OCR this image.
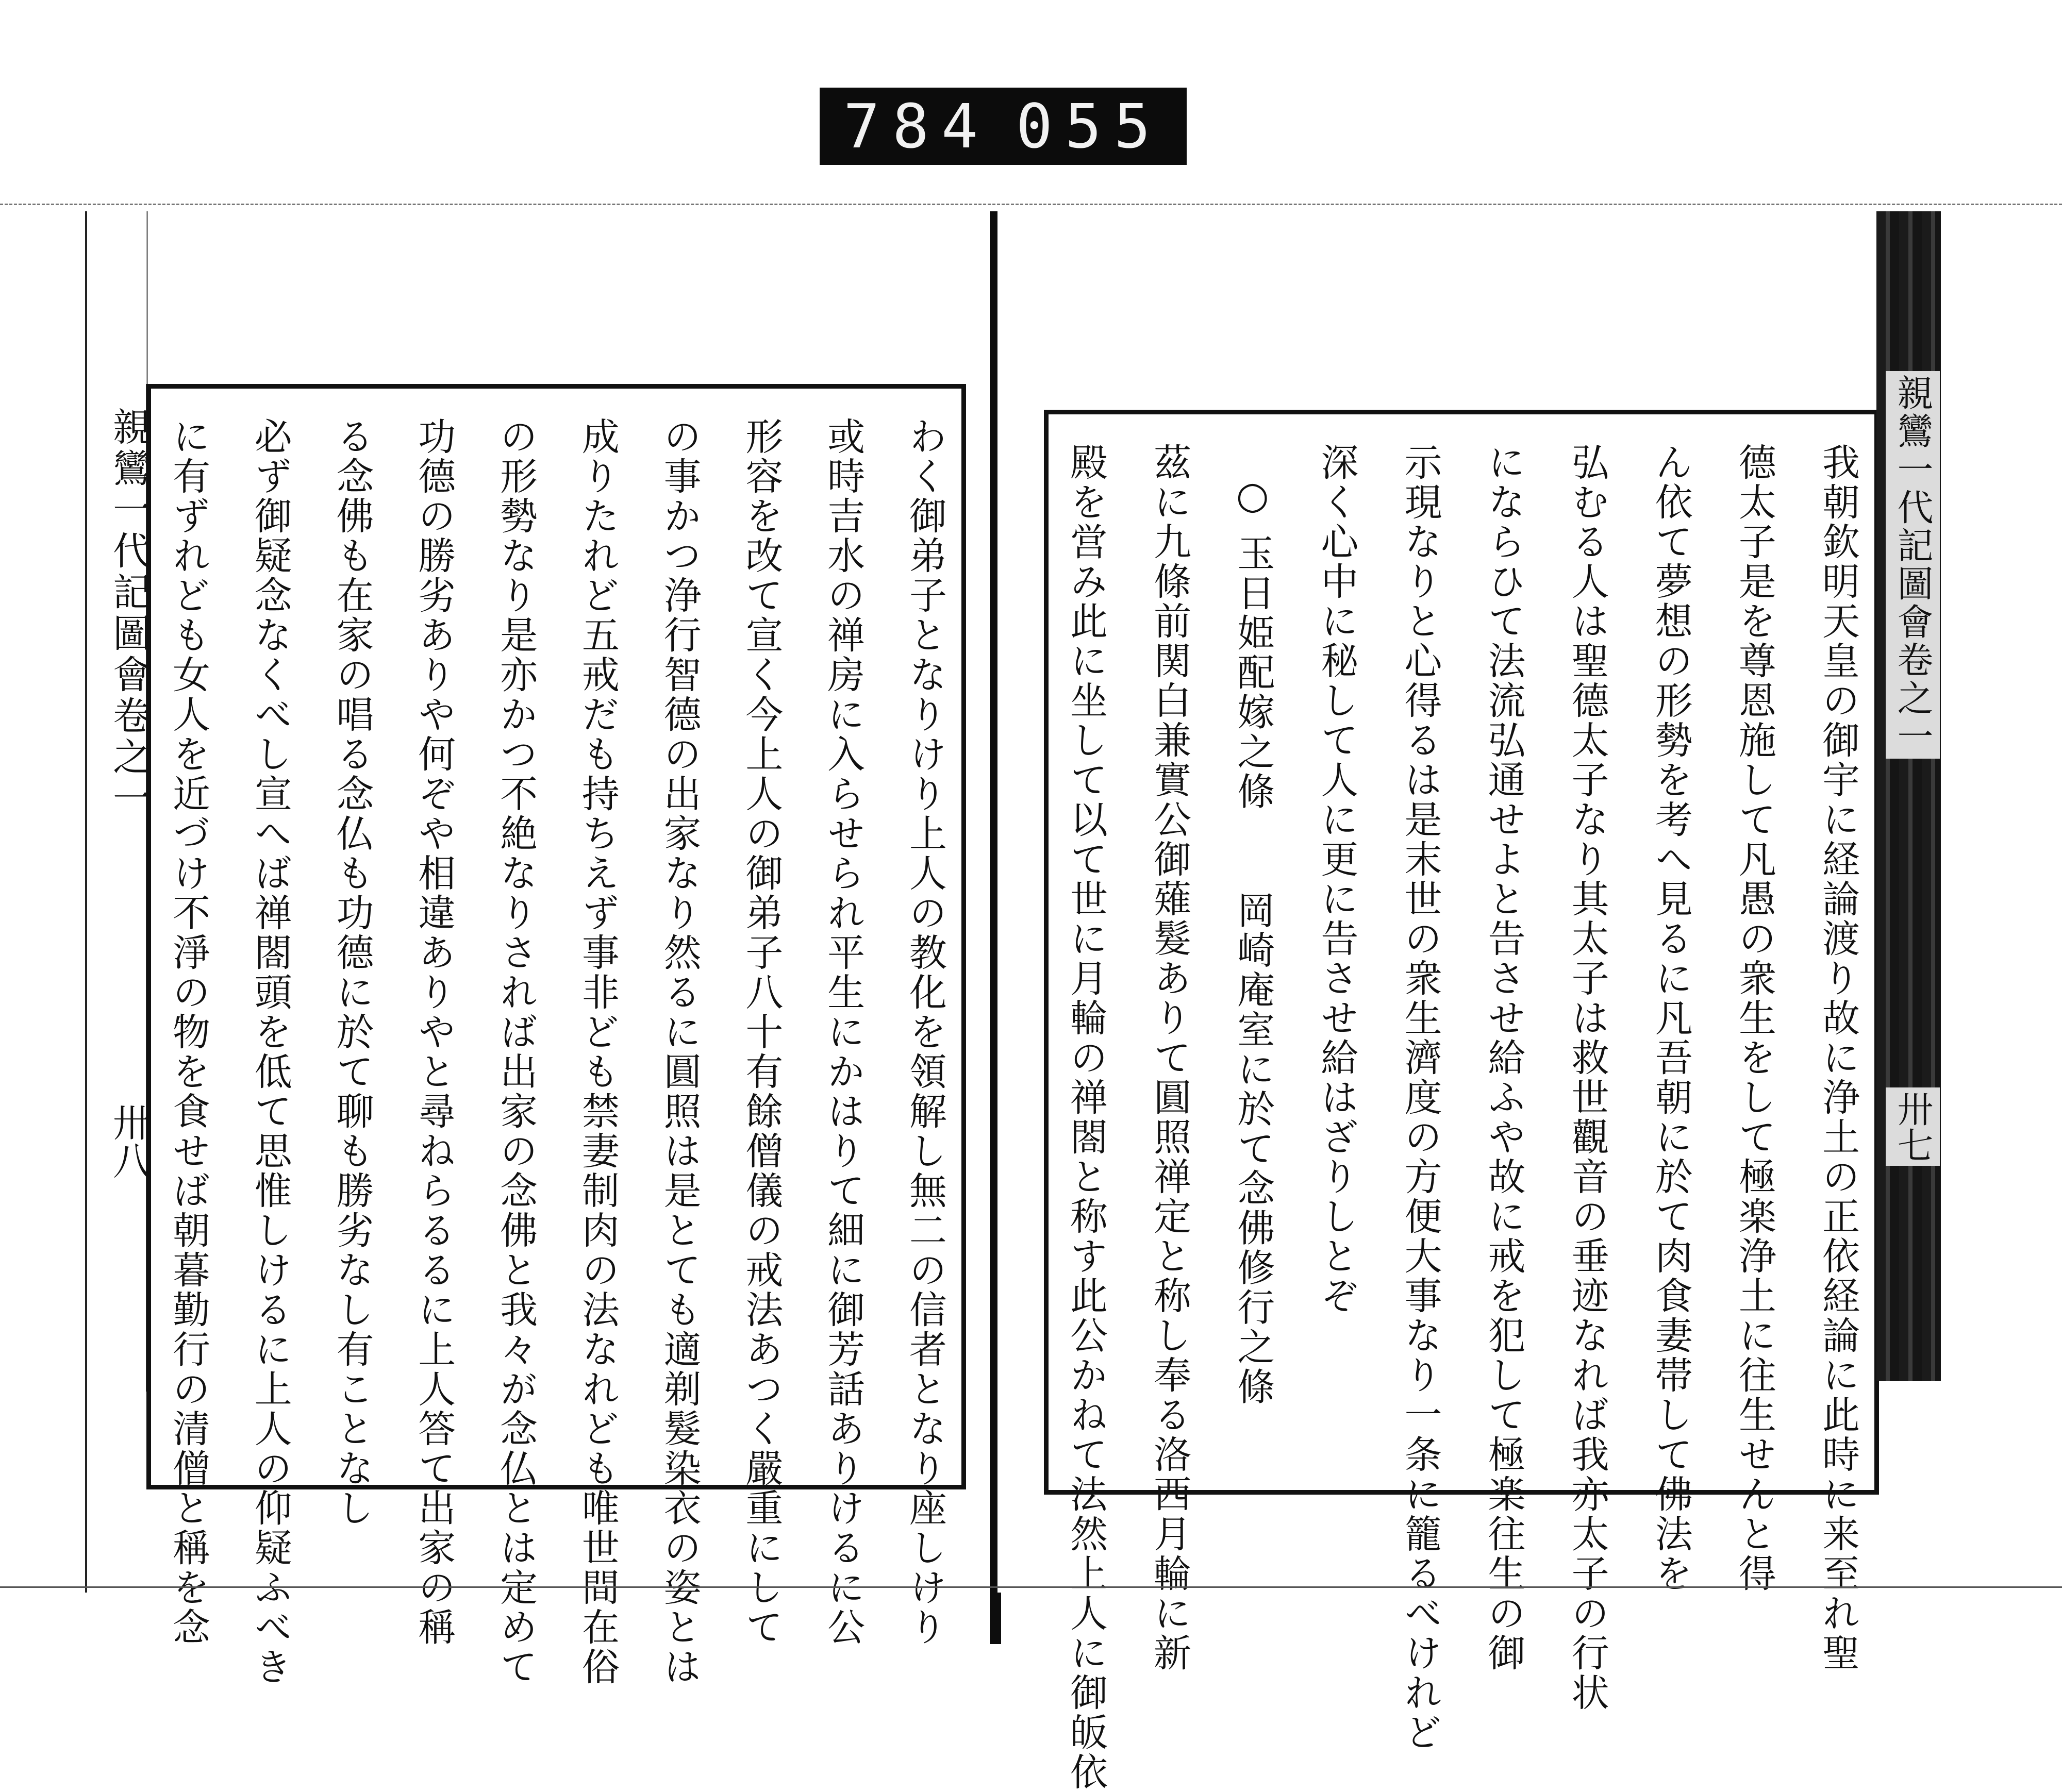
784 055
親鸞一代記圖會卷之一
卅八	わく御弟子となりけり上人の教化を領解し無二の信者となり座しけり
或時吉水の禅房に入らせられ平生にかはりて細に御芳話ありけるに公
形容を改て宣く今上人の御弟子八十有餘僧儀の戒法あつく嚴重にして
の事かつ浄行智德の出家なり然るに圓照は是とても適剃髮染衣の姿とは
成りたれど五戒だも持ちえず事非ども禁妻制肉の法なれども唯世間在俗
の形勢なり是亦かつ不絶なりされば出家の念佛と我々が念仏とは定めて
功德の勝劣ありや何ぞや相違ありやと尋ねらるるに上人答て出家の稱
る念佛も在家の唱る念仏も功德に於て聊も勝劣なし有ことなし
必ず御疑念なくべし宣へば禅閤頭を低て思惟しけるに上人の仰疑ふべき
に有ずれども女人を近づけ不淨の物を食せば朝暮勤行の清僧と稱を念	我朝欽明天皇の御宇に経論渡り故に浄土の正依経論に此時に来至れ聖
德太子是を尊恩施して凡愚の衆生をして極楽浄土に往生せんと得
ん依て夢想の形勢を考へ見るに凡吾朝に於て肉食妻帯して佛法を
弘むる人は聖德太子なり其太子は救世觀音の垂迹なれば我亦太子の行状
にならひて法流弘通せよと告させ給ふや故に戒を犯して極楽往生の御
示現なりと心得るは是末世の衆生濟度の方便大事なり一条に籠るべけれど
深く心中に秘して人に更に告させ給はざりしとぞ
○ 玉日姫配嫁之條　　岡崎庵室に於て念佛修行之條
茲に九條前関白兼實公御薙髮ありて圓照禅定と称し奉る洛西月輪に新
殿を営み此に坐して以て世に月輪の禅閤と称す此公かねて法然上人に御皈依	親鸞一代記圖會卷之一
卅七
